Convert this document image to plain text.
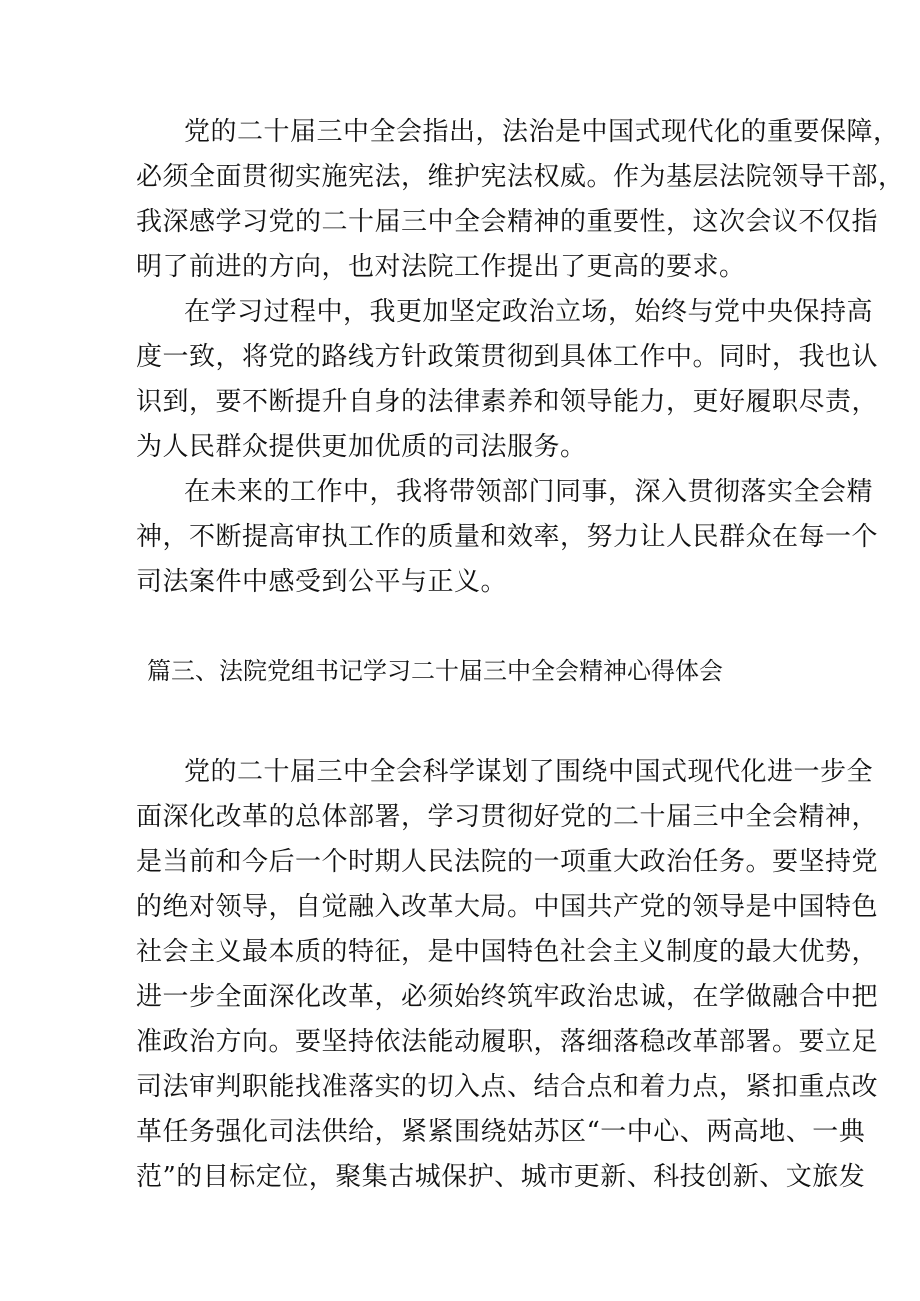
党的二十届三中全会指出，法治是中国式现代化的重要保障，
必须全面贯彻实施宪法，维护宪法权威。作为基层法院领导干部，
我深感学习党的二十届三中全会精神的重要性，这次会议不仅指
明了前进的方向，也对法院工作提出了更高的要求。
在学习过程中，我更加坚定政治立场，始终与党中央保持高
度一致，将党的路线方针政策贯彻到具体工作中。同时，我也认
识到，要不断提升自身的法律素养和领导能力，更好履职尽责，
为人民群众提供更加优质的司法服务。
在未来的工作中，我将带领部门同事，深入贯彻落实全会精
神，不断提高审执工作的质量和效率，努力让人民群众在每一个
司法案件中感受到公平与正义。
篇三、法院党组书记学习二十届三中全会精神心得体会
党的二十届三中全会科学谋划了围绕中国式现代化进一步全
面深化改革的总体部署，学习贯彻好党的二十届三中全会精神，
是当前和今后一个时期人民法院的一项重大政治任务。要坚持党
的绝对领导，自觉融入改革大局。中国共产党的领导是中国特色
社会主义最本质的特征，是中国特色社会主义制度的最大优势，
进一步全面深化改革，必须始终筑牢政治忠诚，在学做融合中把
准政治方向。要坚持依法能动履职，落细落稳改革部署。要立足
司法审判职能找准落实的切入点、结合点和着力点，紧扣重点改
革任务强化司法供给，紧紧围绕姑苏区“一中心、两高地、一典
范”的目标定位，聚集古城保护、城市更新、科技创新、文旅发
